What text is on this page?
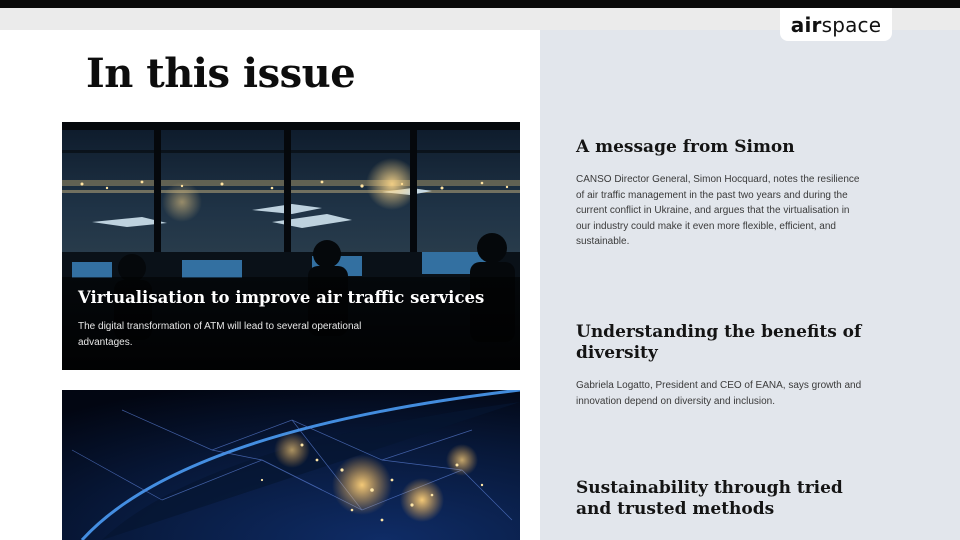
airspace
In this issue
Virtualisation to improve air traffic services
The digital transformation of ATM will lead to several operational advantages.
A message from Simon

CANSO Director General, Simon Hocquard, notes the resilience of air traffic management in the past two years and during the current conflict in Ukraine, and argues that the virtualisation in our industry could make it even more flexible, efficient, and sustainable.

Understanding the benefits of diversity

Gabriela Logatto, President and CEO of EANA, says growth and innovation depend on diversity and inclusion.

Sustainability through tried and trusted methods
